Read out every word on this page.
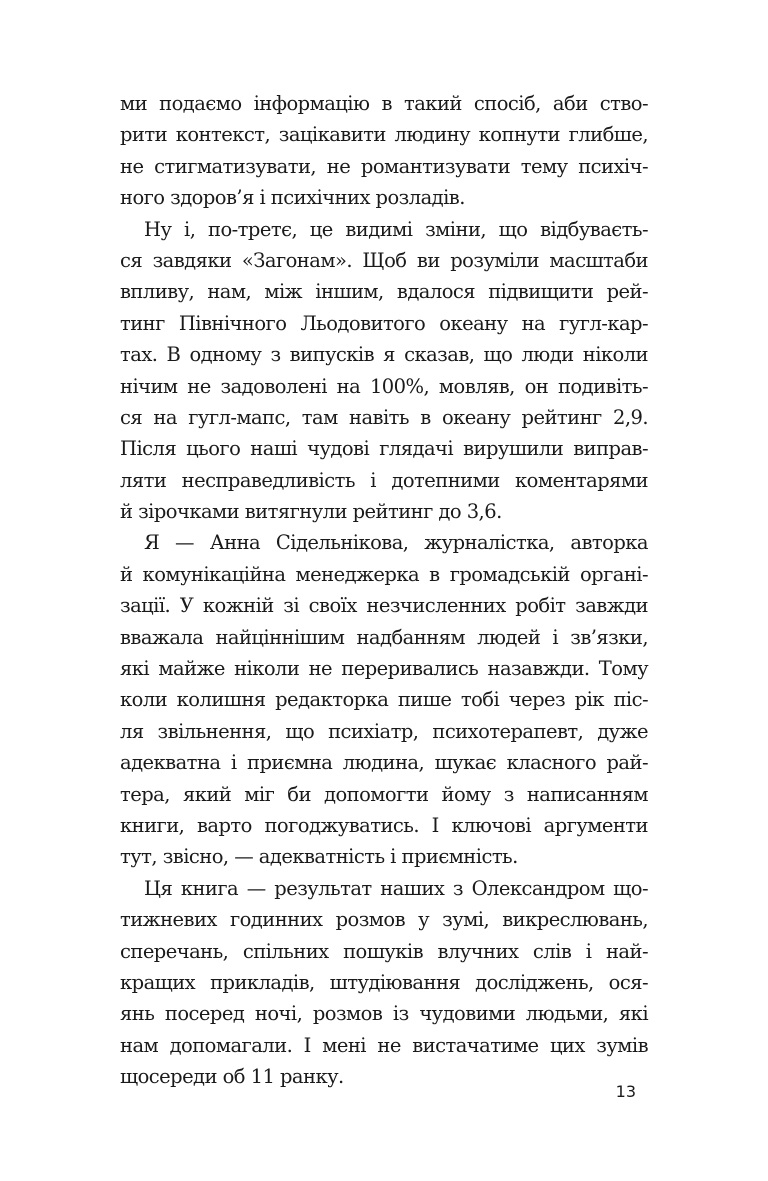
ми подаємо інформацію в такий спосіб, аби ство-
рити контекст, зацікавити людину копнути глибше,
не стигматизувати, не романтизувати тему психіч-
ного здоров’я і психічних розладів.
Ну і, по-третє, це видимі зміни, що відбуваєть-
ся завдяки «Загонам». Щоб ви розуміли масштаби
впливу, нам, між іншим, вдалося підвищити рей-
тинг Північного Льодовитого океану на гугл-кар-
тах. В одному з випусків я сказав, що люди ніколи
нічим не задоволені на 100%, мовляв, он подивіть-
ся на гугл-мапс, там навіть в океану рейтинг 2,9.
Після цього наші чудові глядачі вирушили виправ-
ляти несправедливість і дотепними коментарями
й зірочками витягнули рейтинг до 3,6.
Я — Анна Сідельнікова, журналістка, авторка
й комунікаційна менеджерка в громадській органі-
зації. У кожній зі своїх незчисленних робіт завжди
вважала найціннішим надбанням людей і зв’язки,
які майже ніколи не переривались назавжди. Тому
коли колишня редакторка пише тобі через рік піс-
ля звільнення, що психіатр, психотерапевт, дуже
адекватна і приємна людина, шукає класного рай-
тера, який міг би допомогти йому з написанням
книги, варто погоджуватись. І ключові аргументи
тут, звісно, — адекватність і приємність.
Ця книга — результат наших з Олександром що-
тижневих годинних розмов у зумі, викреслювань,
сперечань, спільних пошуків влучних слів і най-
кращих прикладів, штудіювання досліджень, ося-
янь посеред ночі, розмов із чудовими людьми, які
нам допомагали. І мені не вистачатиме цих зумів
щосереди об 11 ранку.
13
